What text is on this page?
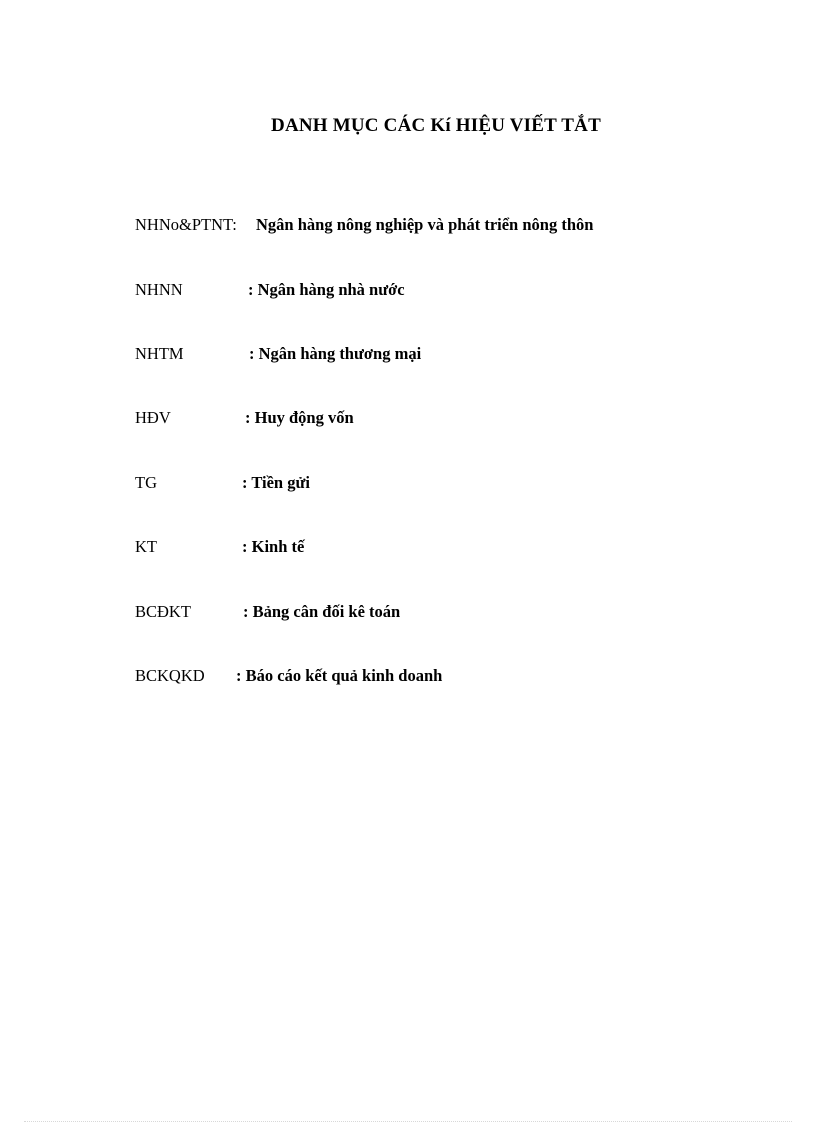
DANH MỤC CÁC Kí HIỆU VIẾT TẮT
NHNo&PTNT: Ngân hàng nông nghiệp và phát triển nông thôn
NHNN	: Ngân hàng nhà nước
NHTM	: Ngân hàng thương mại
HĐV	: Huy động vốn
TG	: Tiền gửi
KT	: Kinh tế
BCĐKT	: Bảng cân đối kê toán
BCKQKD : Báo cáo kết quả kinh doanh
